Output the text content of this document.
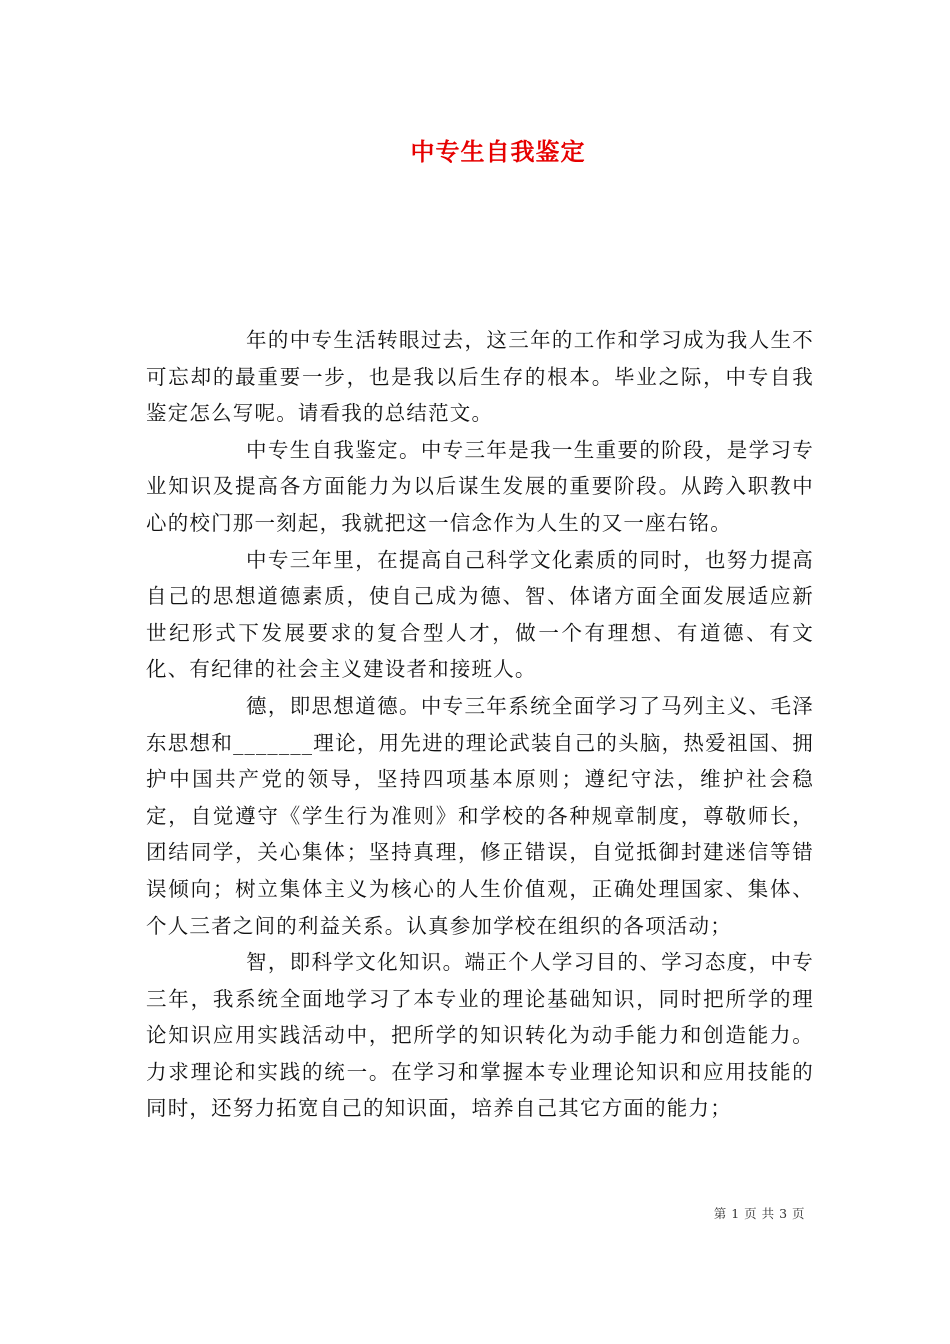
中专生自我鉴定

年的中专生活转眼过去，这三年的工作和学习成为我人生不可忘却的最重要一步，也是我以后生存的根本。毕业之际，中专自我鉴定怎么写呢。请看我的总结范文。

中专生自我鉴定。中专三年是我一生重要的阶段，是学习专业知识及提高各方面能力为以后谋生发展的重要阶段。从跨入职教中心的校门那一刻起，我就把这一信念作为人生的又一座右铭。

中专三年里，在提高自己科学文化素质的同时，也努力提高自己的思想道德素质，使自己成为德、智、体诸方面全面发展适应新世纪形式下发展要求的复合型人才，做一个有理想、有道德、有文化、有纪律的社会主义建设者和接班人。

德，即思想道德。中专三年系统全面学习了马列主义、毛泽东思想和_______理论，用先进的理论武装自己的头脑，热爱祖国、拥护中国共产党的领导，坚持四项基本原则；遵纪守法，维护社会稳定，自觉遵守《学生行为准则》和学校的各种规章制度，尊敬师长，团结同学，关心集体；坚持真理，修正错误，自觉抵御封建迷信等错误倾向；树立集体主义为核心的人生价值观，正确处理国家、集体、个人三者之间的利益关系。认真参加学校在组织的各项活动；

智，即科学文化知识。端正个人学习目的、学习态度，中专三年，我系统全面地学习了本专业的理论基础知识，同时把所学的理论知识应用实践活动中，把所学的知识转化为动手能力和创造能力。力求理论和实践的统一。在学习和掌握本专业理论知识和应用技能的同时，还努力拓宽自己的知识面，培养自己其它方面的能力；

第 1 页 共 3 页
